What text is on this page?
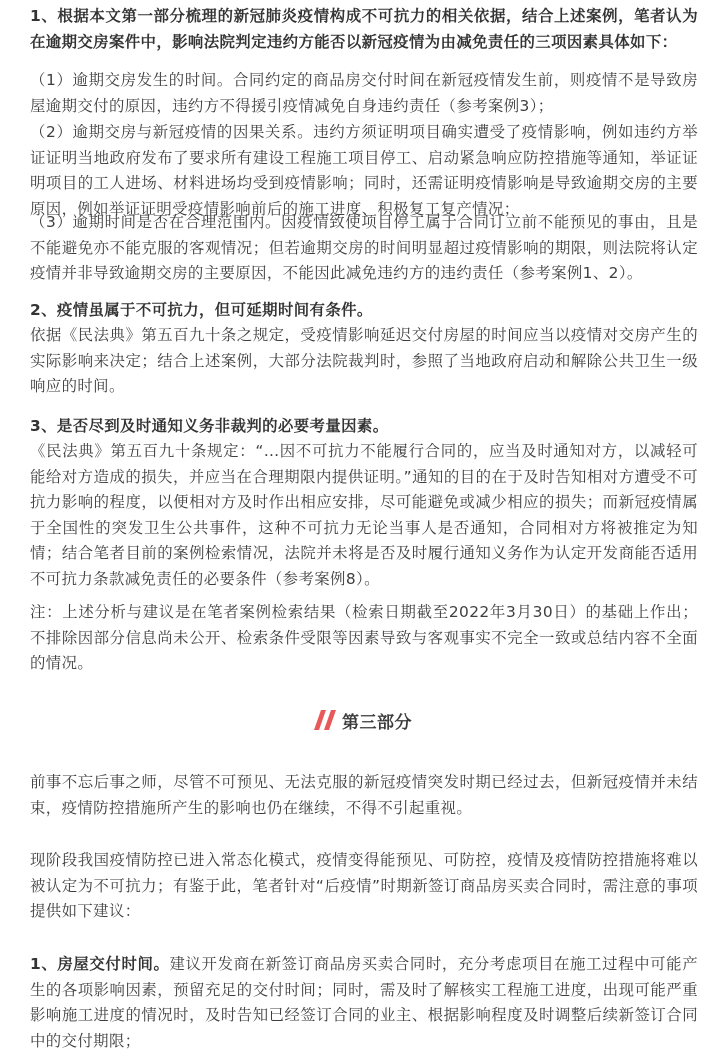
1、根据本文第一部分梳理的新冠肺炎疫情构成不可抗力的相关依据，结合上述案例，笔者认为在逾期交房案件中，影响法院判定违约方能否以新冠疫情为由减免责任的三项因素具体如下：

（1）逾期交房发生的时间。合同约定的商品房交付时间在新冠疫情发生前，则疫情不是导致房屋逾期交付的原因，违约方不得援引疫情减免自身违约责任（参考案例3）；

（2）逾期交房与新冠疫情的因果关系。违约方须证明项目确实遭受了疫情影响，例如违约方举证证明当地政府发布了要求所有建设工程施工项目停工、启动紧急响应防控措施等通知，举证证明项目的工人进场、材料进场均受到疫情影响；同时，还需证明疫情影响是导致逾期交房的主要原因，例如举证证明受疫情影响前后的施工进度、积极复工复产情况；

（3）逾期时间是否在合理范围内。因疫情致使项目停工属于合同订立前不能预见的事由，且是不能避免亦不能克服的客观情况；但若逾期交房的时间明显超过疫情影响的期限，则法院将认定疫情并非导致逾期交房的主要原因，不能因此减免违约方的违约责任（参考案例1、2）。

2、疫情虽属于不可抗力，但可延期时间有条件。

依据《民法典》第五百九十条之规定，受疫情影响延迟交付房屋的时间应当以疫情对交房产生的实际影响来决定；结合上述案例，大部分法院裁判时，参照了当地政府启动和解除公共卫生一级响应的时间。

3、是否尽到及时通知义务非裁判的必要考量因素。

《民法典》第五百九十条规定：“…因不可抗力不能履行合同的，应当及时通知对方，以减轻可能给对方造成的损失，并应当在合理期限内提供证明。”通知的目的在于及时告知相对方遭受不可抗力影响的程度，以便相对方及时作出相应安排，尽可能避免或减少相应的损失；而新冠疫情属于全国性的突发卫生公共事件，这种不可抗力无论当事人是否通知，合同相对方将被推定为知情；结合笔者目前的案例检索情况，法院并未将是否及时履行通知义务作为认定开发商能否适用不可抗力条款减免责任的必要条件（参考案例8）。

注：上述分析与建议是在笔者案例检索结果（检索日期截至2022年3月30日）的基础上作出；不排除因部分信息尚未公开、检索条件受限等因素导致与客观事实不完全一致或总结内容不全面的情况。

第三部分

前事不忘后事之师，尽管不可预见、无法克服的新冠疫情突发时期已经过去，但新冠疫情并未结束，疫情防控措施所产生的影响也仍在继续，不得不引起重视。

现阶段我国疫情防控已进入常态化模式，疫情变得能预见、可防控，疫情及疫情防控措施将难以被认定为不可抗力；有鉴于此，笔者针对“后疫情”时期新签订商品房买卖合同时，需注意的事项提供如下建议：

1、房屋交付时间。建议开发商在新签订商品房买卖合同时，充分考虑项目在施工过程中可能产生的各项影响因素，预留充足的交付时间；同时，需及时了解核实工程施工进度，出现可能严重影响施工进度的情况时，及时告知已经签订合同的业主、根据影响程度及时调整后续新签订合同中的交付期限；
